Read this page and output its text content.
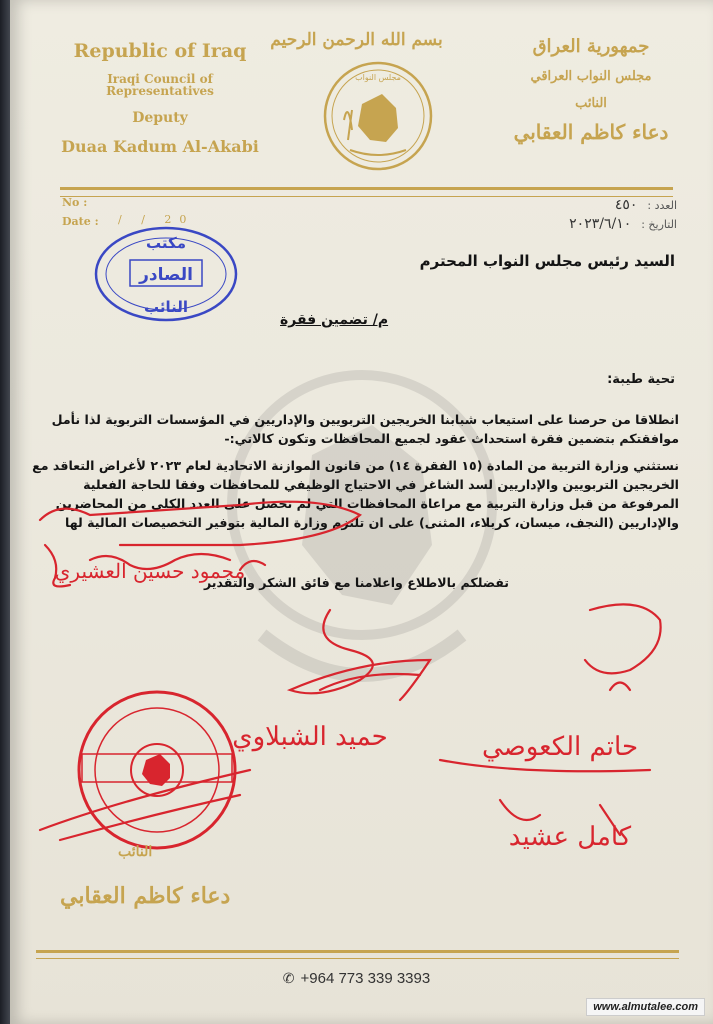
بسم الله الرحمن الرحيم
Republic of Iraq
Iraqi Council of Representatives
Deputy
Duaa Kadum Al-Akabi
مجلس النواب
جمهورية العراق
مجلس النواب العراقي
النائب
دعاء كاظم العقابي
No :
Date : / / 20
العدد :٤٥٠
التاريخ :٢٠٢٣/٦/١٠
مكتب
الصادر
النائب
السيد رئيس مجلس النواب المحترم
م/ تضمين فقرة
تحية طيبة:
انطلاقا من حرصنا على استيعاب شبابنا الخريجين التربويين والإداريين في المؤسسات التربوية لذا نأمل موافقتكم بتضمين فقرة استحداث عقود لجميع المحافظات وتكون كالاتي:-
نستثني وزارة التربية من المادة (١٥ الفقرة ١٤) من قانون الموازنة الاتحادية لعام ٢٠٢٣ لأغراض التعاقد مع الخريجين التربويين والإداريين لسد الشاغر في الاحتياج الوظيفي للمحافظات وفقا للحاجة الفعلية المرفوعة من قبل وزارة التربية مع مراعاة المحافظات التي لم تحصل على العدد الكلي من المحاضرين والإداريين (النجف، ميسان، كربلاء، المثنى) على ان تلتزم وزارة المالية بتوفير التخصيصات المالية لها
تفضلكم بالاطلاع واعلامنا مع فائق الشكر والتقدير
محمود حسين العشيري
حميد الشبلاوي	حاتم الكعوصي
كامل عشيد
النائب
دعاء كاظم العقابي
✆ +964 773 339 3393
www.almutalee.com
